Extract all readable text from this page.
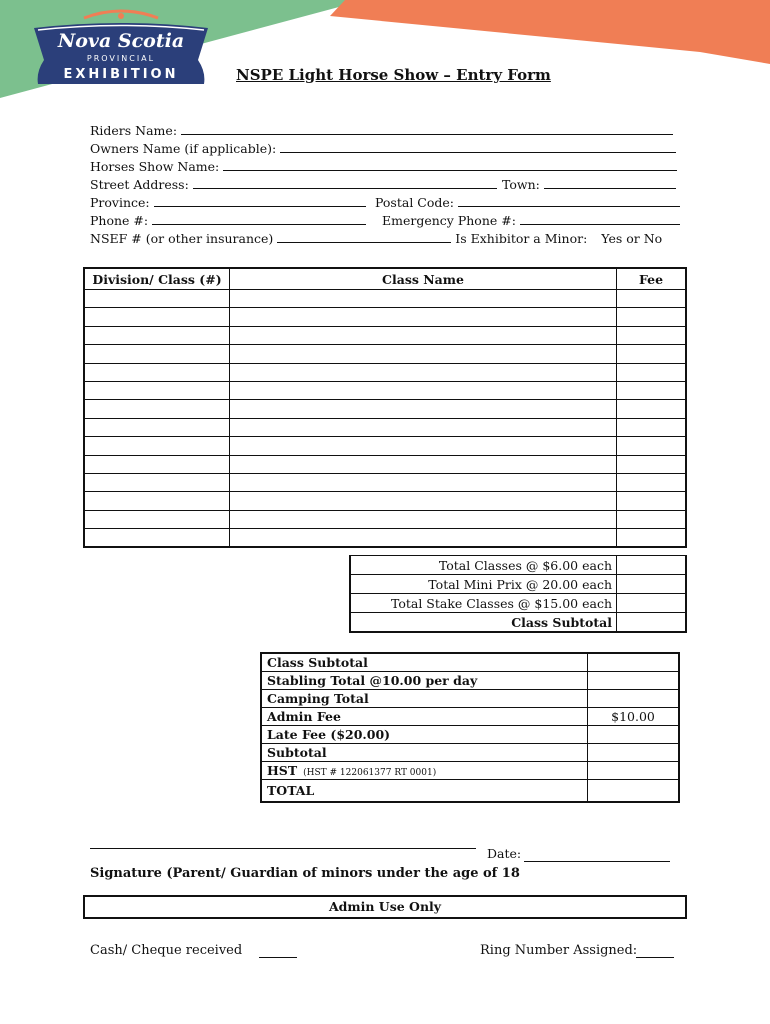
Nova Scotia
PROVINCIAL
EXHIBITION	NSPE Light Horse Show – Entry Form
Riders Name:
Owners Name (if applicable):
Horses Show Name:
Street Address:	Town:
Province:	Postal Code:
Phone #:	Emergency Phone #:
NSEF # (or other insurance)	Is Exhibitor a Minor: Yes or No
Division/ Class (#)	Class Name	Fee

Total Classes @ $6.00 each	
Total Mini Prix @ 20.00 each	
Total Stake Classes @ $15.00 each	
Class Subtotal	
Class Subtotal	
Stabling Total @10.00 per day	
Camping Total	
Admin Fee	$10.00
Late Fee ($20.00)	
Subtotal	
HST (HST # 122061377 RT 0001)	
TOTAL	
Date:
Signature (Parent/ Guardian of minors under the age of 18
Admin Use Only
Cash/ Cheque received	Ring Number Assigned:
